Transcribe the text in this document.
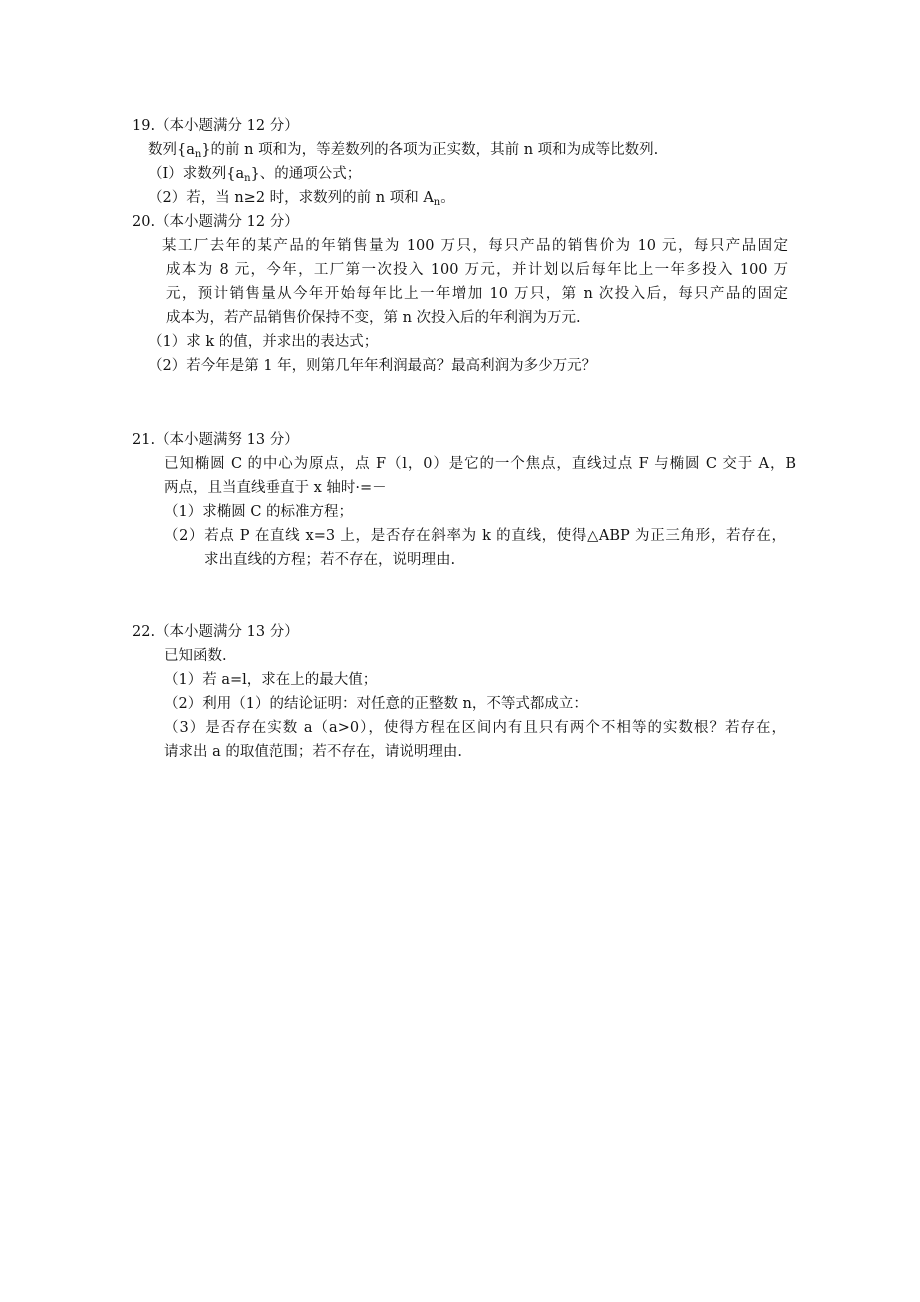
19.（本小题满分 12 分）
数列$\{a_n\}$的前 n 项和为，等差数列的各项为正实数，其前 n 项和为成等比数列.
（Ⅰ）求数列$\{a_n\}$、的通项公式；
（2）若，当 n≥2 时，求数列的前 n 项和 $A_n$。
20.（本小题满分 12 分）
某工厂去年的某产品的年销售量为 100 万只，每只产品的销售价为 10 元，每只产品固定
成本为 8 元，今年，工厂第一次投入 100 万元，并计划以后每年比上一年多投入 100 万
元，预计销售量从今年开始每年比上一年增加 10 万只，第 n 次投入后，每只产品的固定
成本为，若产品销售价保持不变，第 n 次投入后的年利润为万元.
（1）求 k 的值，并求出的表达式；
（2）若今年是第 1 年，则第几年年利润最高？最高利润为多少万元？
21.（本小题满努 13 分）
已知椭圆 C 的中心为原点，点 F（l，0）是它的一个焦点，直线过点 F 与椭圆 C 交于 A，B
两点，且当直线垂直于 x 轴时·=－
（1）求椭圆 C 的标准方程；
（2）若点 P 在直线 x=3 上，是否存在斜率为 k 的直线，使得△ABP 为正三角形，若存在，
求出直线的方程；若不存在，说明理由.
22.（本小题满分 13 分）
已知函数.
（1）若 a=l，求在上的最大值；
（2）利用（1）的结论证明：对任意的正整数 n，不等式都成立：
（3）是否存在实数 a（a>0），使得方程在区间内有且只有两个不相等的实数根？若存在，
请求出 a 的取值范围；若不存在，请说明理由.
